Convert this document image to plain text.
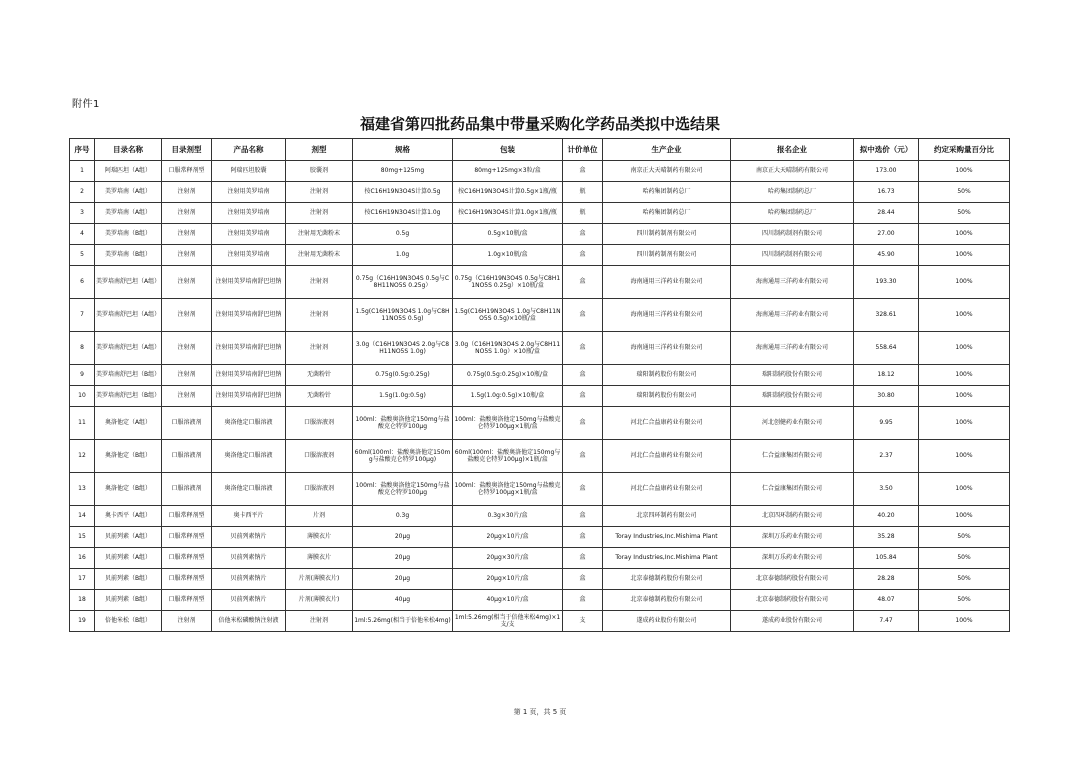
附件1
福建省第四批药品集中带量采购化学药品类拟中选结果
序号	目录名称	目录剂型	产品名称	剂型	规格	包装	计价单位	生产企业	报名企业	拟中选价（元）	约定采购量百分比
1	阿瑞匹坦（A组）	口服常释剂型	阿瑞匹坦胶囊	胶囊剂	80mg+125mg	80mg+125mg×3粒/盒	盒	南京正大天晴制药有限公司	南京正大天晴制药有限公司	173.00	100%
2	美罗培南（A组）	注射剂	注射用美罗培南	注射剂	按C16H19N3O4S计算0.5g	按C16H19N3O4S计算0.5g×1瓶/瓶	瓶	哈药集团制药总厂	哈药集团制药总厂	16.73	50%
3	美罗培南（A组）	注射剂	注射用美罗培南	注射剂	按C16H19N3O4S计算1.0g	按C16H19N3O4S计算1.0g×1瓶/瓶	瓶	哈药集团制药总厂	哈药集团制药总厂	28.44	50%
4	美罗培南（B组）	注射剂	注射用美罗培南	注射用无菌粉末	0.5g	0.5g×10瓶/盒	盒	四川制药制剂有限公司	四川制药制剂有限公司	27.00	100%
5	美罗培南（B组）	注射剂	注射用美罗培南	注射用无菌粉末	1.0g	1.0g×10瓶/盒	盒	四川制药制剂有限公司	四川制药制剂有限公司	45.90	100%
6	美罗培南舒巴坦（A组）	注射剂	注射用美罗培南舒巴坦钠	注射剂	0.75g（C16H19N3O4S 0.5g与C8H11NO5S 0.25g）	0.75g（C16H19N3O4S 0.5g与C8H11NO5S 0.25g）×10瓶/盒	盒	海南通用三洋药业有限公司	海南通用三洋药业有限公司	193.30	100%
7	美罗培南舒巴坦（A组）	注射剂	注射用美罗培南舒巴坦钠	注射剂	1.5g(C16H19N3O4S 1.0g与C8H11NO5S 0.5g)	1.5g(C16H19N3O4S 1.0g与C8H11NO5S 0.5g)×10瓶/盒	盒	海南通用三洋药业有限公司	海南通用三洋药业有限公司	328.61	100%
8	美罗培南舒巴坦（A组）	注射剂	注射用美罗培南舒巴坦钠	注射剂	3.0g（C16H19N3O4S 2.0g与C8H11NO5S 1.0g)	3.0g（C16H19N3O4S 2.0g与C8H11NO5S 1.0g）×10瓶/盒	盒	海南通用三洋药业有限公司	海南通用三洋药业有限公司	558.64	100%
9	美罗培南舒巴坦（B组）	注射剂	注射用美罗培南舒巴坦钠	无菌粉针	0.75g(0.5g:0.25g)	0.75g(0.5g:0.25g)×10瓶/盒	盒	瑞阳制药股份有限公司	瑞阳制药股份有限公司	18.12	100%
10	美罗培南舒巴坦（B组）	注射剂	注射用美罗培南舒巴坦钠	无菌粉针	1.5g(1.0g:0.5g)	1.5g(1.0g:0.5g)×10瓶/盒	盒	瑞阳制药股份有限公司	瑞阳制药股份有限公司	30.80	100%
11	奥洛他定（A组）	口服溶液剂	奥洛他定口服溶液	口服溶液剂	100ml：盐酸奥洛他定150mg与盐酸克仑特罗100μg	100ml：盐酸奥洛他定150mg与盐酸克仑特罗100μg×1瓶/盒	盒	河北仁合益康药业有限公司	河北创健药业有限公司	9.95	100%
12	奥洛他定（B组）	口服溶液剂	奥洛他定口服溶液	口服溶液剂	60ml(100ml：盐酸奥洛他定150mg与盐酸克仑特罗100μg)	60ml(100ml：盐酸奥洛他定150mg与盐酸克仑特罗100μg)×1瓶/盒	盒	河北仁合益康药业有限公司	仁合益康集团有限公司	2.37	100%
13	奥洛他定（B组）	口服溶液剂	奥洛他定口服溶液	口服溶液剂	100ml：盐酸奥洛他定150mg与盐酸克仑特罗100μg	100ml：盐酸奥洛他定150mg与盐酸克仑特罗100μg×1瓶/盒	盒	河北仁合益康药业有限公司	仁合益康集团有限公司	3.50	100%
14	奥卡西平（A组）	口服常释剂型	奥卡西平片	片剂	0.3g	0.3g×30片/盒	盒	北京四环制药有限公司	北京四环制药有限公司	40.20	100%
15	贝前列素（A组）	口服常释剂型	贝前列素钠片	薄膜衣片	20μg	20μg×10片/盒	盒	Toray Industries,Inc.Mishima Plant	深圳万乐药业有限公司	35.28	50%
16	贝前列素（A组）	口服常释剂型	贝前列素钠片	薄膜衣片	20μg	20μg×30片/盒	盒	Toray Industries,Inc.Mishima Plant	深圳万乐药业有限公司	105.84	50%
17	贝前列素（B组）	口服常释剂型	贝前列素钠片	片剂(薄膜衣片)	20μg	20μg×10片/盒	盒	北京泰德制药股份有限公司	北京泰德制药股份有限公司	28.28	50%
18	贝前列素（B组）	口服常释剂型	贝前列素钠片	片剂(薄膜衣片)	40μg	40μg×10片/盒	盒	北京泰德制药股份有限公司	北京泰德制药股份有限公司	48.07	50%
19	倍他米松（B组）	注射剂	倍他米松磷酸钠注射液	注射剂	1ml:5.26mg(相当于倍他米松4mg)	1ml:5.26mg(相当于倍他米松4mg)×1支/支	支	遂成药业股份有限公司	遂成药业股份有限公司	7.47	100%
第 1 页，共 5 页
